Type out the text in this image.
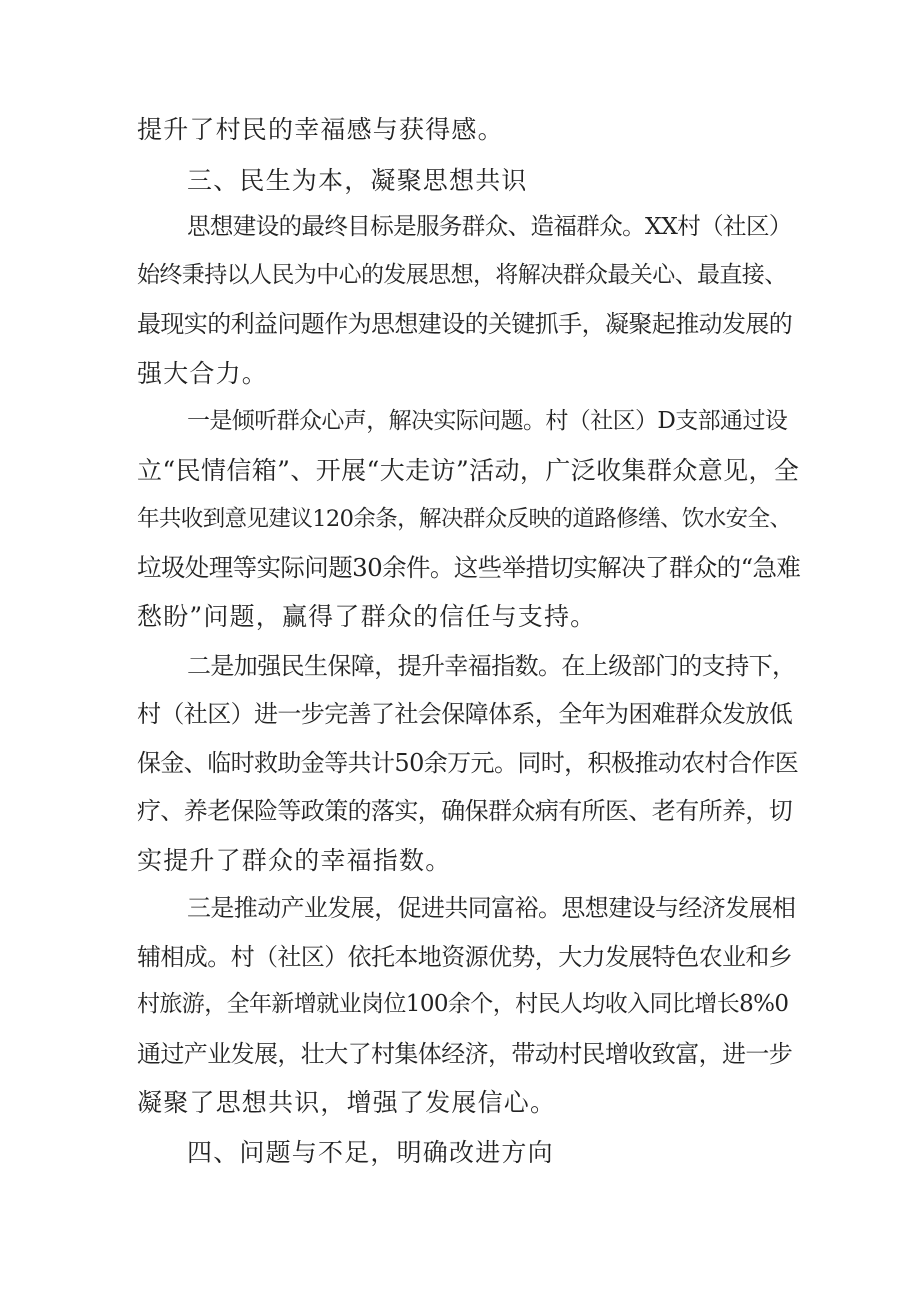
提升了村民的幸福感与获得感。
三、民生为本，凝聚思想共识
思想建设的最终目标是服务群众、造福群众。XX村（社区）
始终秉持以人民为中心的发展思想，将解决群众最关心、最直接、
最现实的利益问题作为思想建设的关键抓手，凝聚起推动发展的
强大合力。
一是倾听群众心声，解决实际问题。村（社区）D支部通过设
立“民情信箱”、开展“大走访”活动，广泛收集群众意见，全
年共收到意见建议120余条，解决群众反映的道路修缮、饮水安全、
垃圾处理等实际问题30余件。这些举措切实解决了群众的“急难
愁盼”问题，赢得了群众的信任与支持。
二是加强民生保障，提升幸福指数。在上级部门的支持下，
村（社区）进一步完善了社会保障体系，全年为困难群众发放低
保金、临时救助金等共计50余万元。同时，积极推动农村合作医
疗、养老保险等政策的落实，确保群众病有所医、老有所养，切
实提升了群众的幸福指数。
三是推动产业发展，促进共同富裕。思想建设与经济发展相
辅相成。村（社区）依托本地资源优势，大力发展特色农业和乡
村旅游，全年新增就业岗位100余个，村民人均收入同比增长8%0
通过产业发展，壮大了村集体经济，带动村民增收致富，进一步
凝聚了思想共识，增强了发展信心。
四、问题与不足，明确改进方向
